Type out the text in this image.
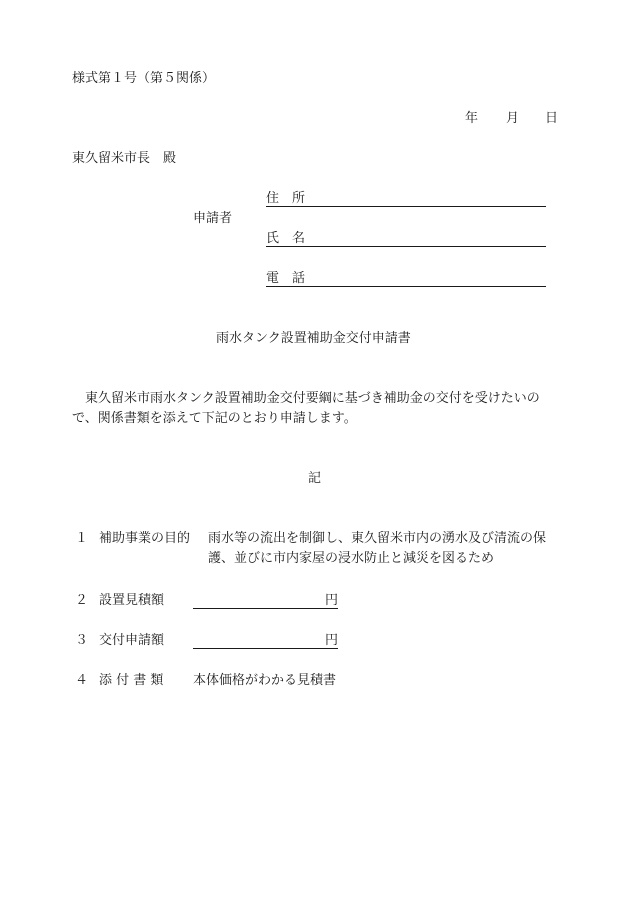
様式第１号（第５関係）
年 月 日
東久留米市長　殿
申請者
住　所
氏　名
電　話
雨水タンク設置補助金交付申請書
　東久留米市雨水タンク設置補助金交付要綱に基づき補助金の交付を受けたいの
で、関係書類を添えて下記のとおり申請します。
記
１ 補助事業の目的 雨水等の流出を制御し、東久留米市内の湧水及び清流の保
護、並びに市内家屋の浸水防止と減災を図るため
２ 設置見積額	円
３ 交付申請額	円
４ 添 付 書 類 本体価格がわかる見積書
